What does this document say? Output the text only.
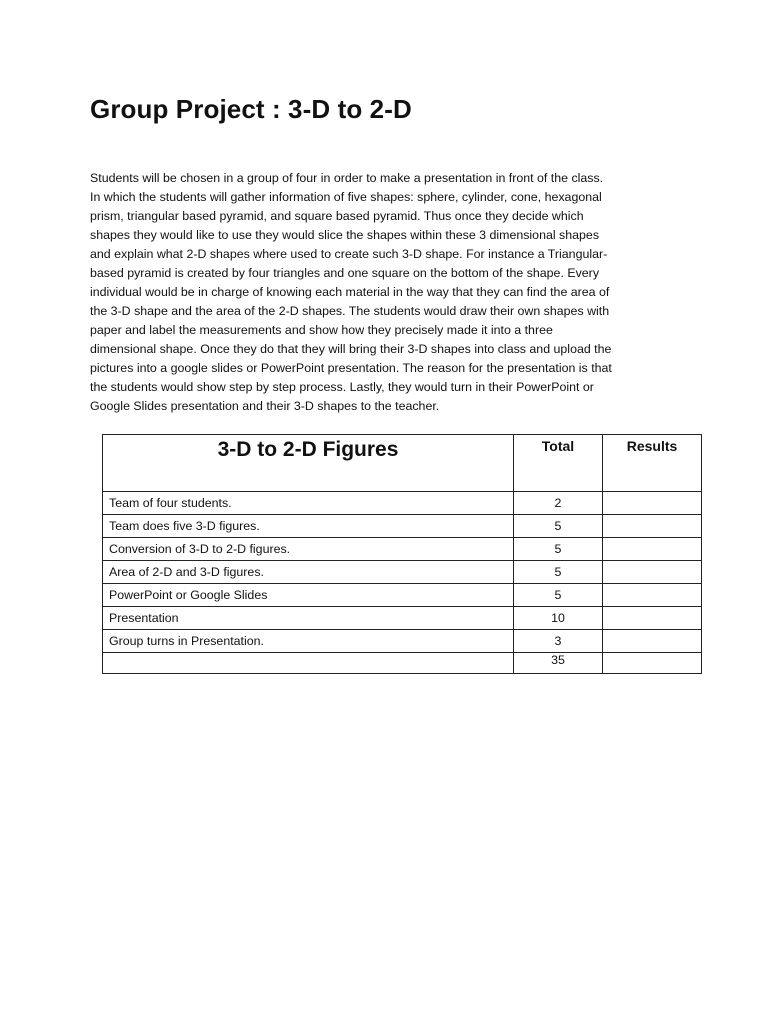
Group Project : 3-D to 2-D

Students will be chosen in a group of four in order to make a presentation in front of the class.
In which the students will gather information of five shapes: sphere, cylinder, cone, hexagonal
prism, triangular based pyramid, and square based pyramid. Thus once they decide which
shapes they would like to use they would slice the shapes within these 3 dimensional shapes
and explain what 2-D shapes where used to create such 3-D shape. For instance a Triangular-
based pyramid is created by four triangles and one square on the bottom of the shape. Every
individual would be in charge of knowing each material in the way that they can find the area of
the 3-D shape and the area of the 2-D shapes. The students would draw their own shapes with
paper and label the measurements and show how they precisely made it into a three
dimensional shape. Once they do that they will bring their 3-D shapes into class and upload the
pictures into a google slides or PowerPoint presentation. The reason for the presentation is that
the students would show step by step process. Lastly, they would turn in their PowerPoint or
Google Slides presentation and their 3-D shapes to the teacher.

3-D to 2-D Figures	Total	Results
Team of four students.	2	
Team does five 3-D figures.	5	
Conversion of 3-D to 2-D figures.	5	
Area of 2-D and 3-D figures.	5	
PowerPoint or Google Slides	5	
Presentation	10	
Group turns in Presentation.	3	
	35	
